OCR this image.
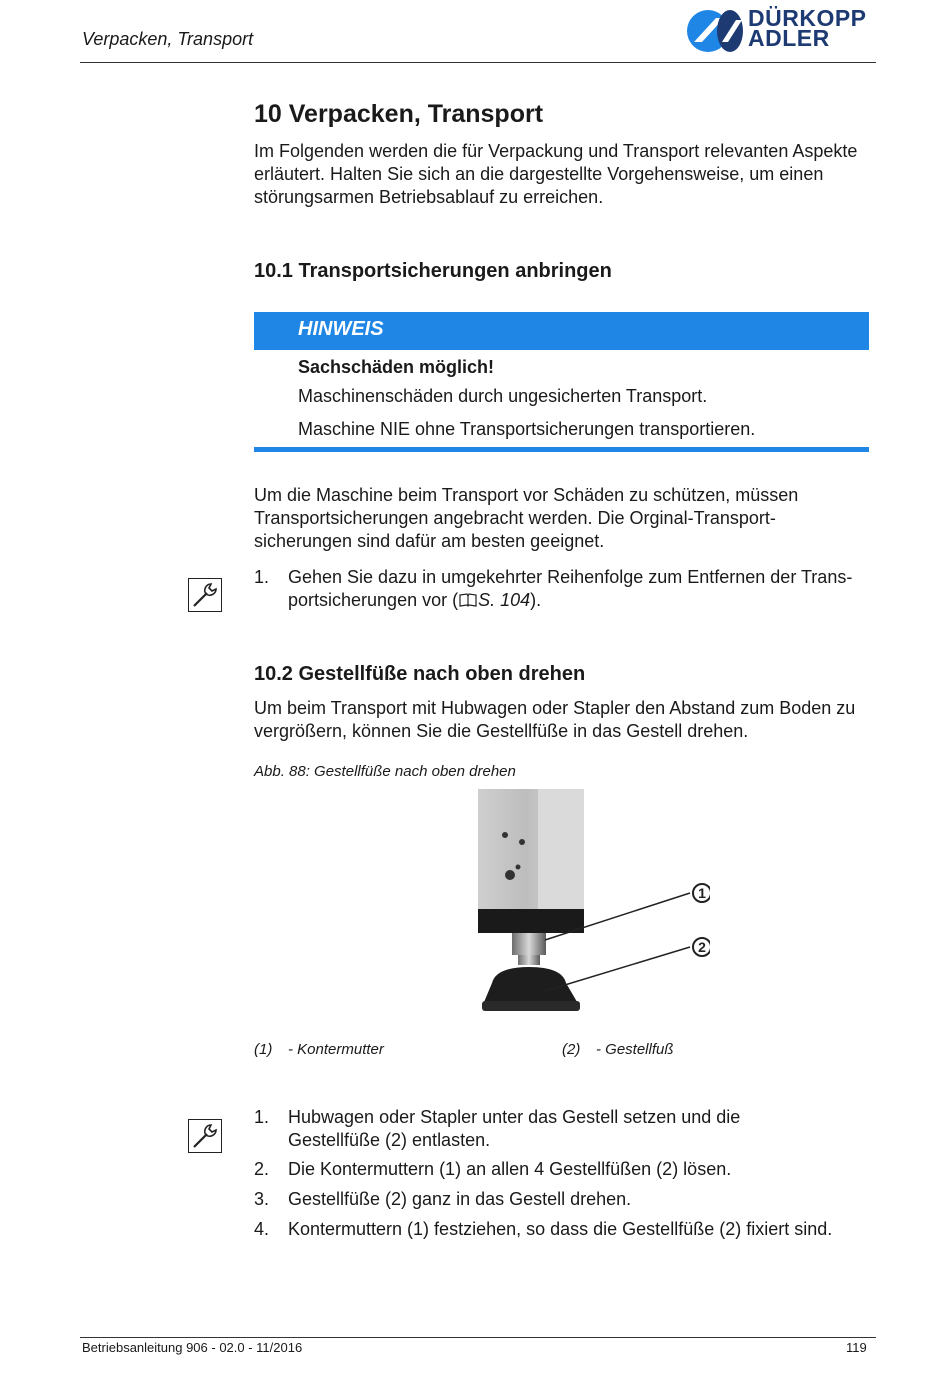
Verpacken, Transport
DÜRKOPP
ADLER
10 Verpacken, Transport
Im Folgenden werden die für Verpackung und Transport relevanten Aspekte erläutert. Halten Sie sich an die dargestellte Vorgehensweise, um einen störungsarmen Betriebsablauf zu erreichen.
10.1 Transportsicherungen anbringen
HINWEIS
Sachschäden möglich!
Maschinenschäden durch ungesicherten Transport.
Maschine NIE ohne Transportsicherungen transportieren.
Um die Maschine beim Transport vor Schäden zu schützen, müssen Transportsicherungen angebracht werden. Die Orginal-Transport-sicherungen sind dafür am besten geeignet.
1.	Gehen Sie dazu in umgekehrter Reihenfolge zum Entfernen der Trans-
portsicherungen vor ( S. 104).
10.2 Gestellfüße nach oben drehen
Um beim Transport mit Hubwagen oder Stapler den Abstand zum Boden zu vergrößern, können Sie die Gestellfüße in das Gestell drehen.
Abb. 88: Gestellfüße nach oben drehen
1
2
(1) - Kontermutter	(2) - Gestellfuß
1.	Hubwagen oder Stapler unter das Gestell setzen und die Gestellfüße (2) entlasten.
2.	Die Kontermuttern (1) an allen 4 Gestellfüßen (2) lösen.
3.	Gestellfüße (2) ganz in das Gestell drehen.
4.	Kontermuttern (1) festziehen, so dass die Gestellfüße (2) fixiert sind.
Betriebsanleitung 906 - 02.0 - 11/2016	119
